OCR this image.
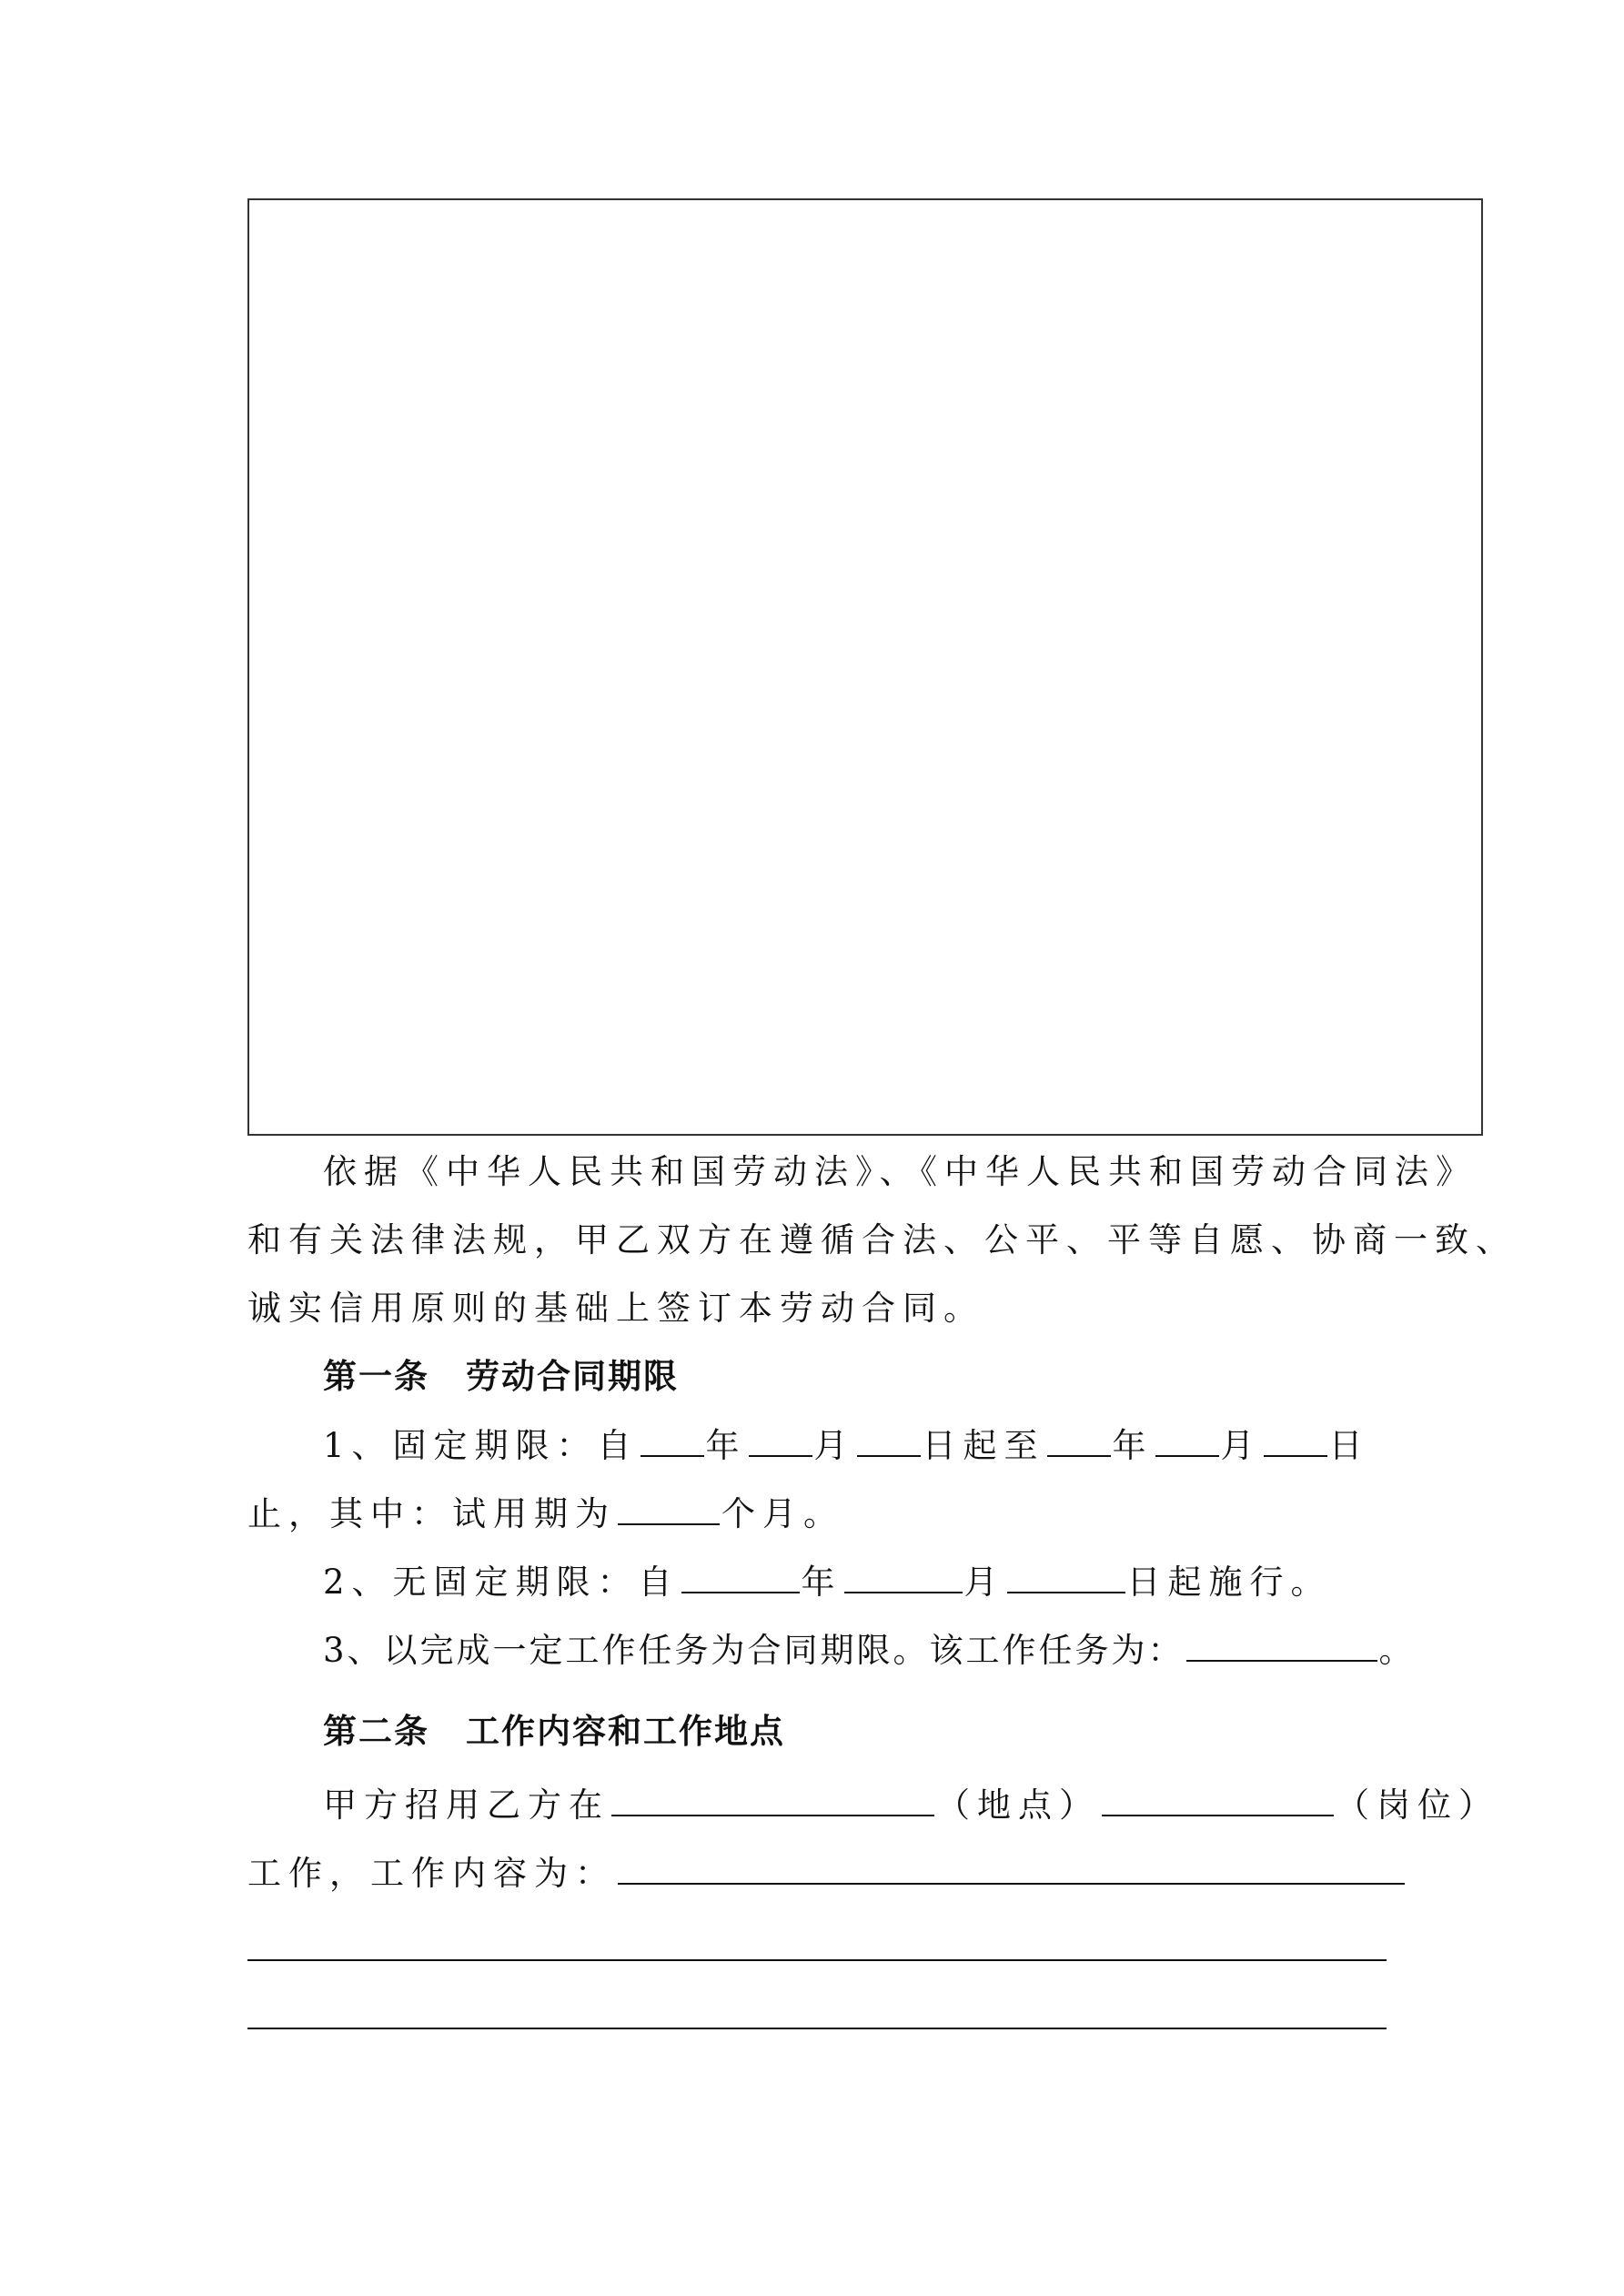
依据《中华人民共和国劳动法》、《中华人民共和国劳动合同法》
和有关法律法规，甲乙双方在遵循合法、公平、平等自愿、协商一致、
诚实信用原则的基础上签订本劳动合同。
第一条 劳动合同期限
1、固定期限：自 年 月 日起至 年 月 日
止，其中：试用期为	个月。
2、无固定期限：自	年	月	日起施行。
3、以完成一定工作任务为合同期限。该工作任务为：	。
第二条 工作内容和工作地点
甲方招用乙方在	（地点）	（岗位）
工作，工作内容为：
